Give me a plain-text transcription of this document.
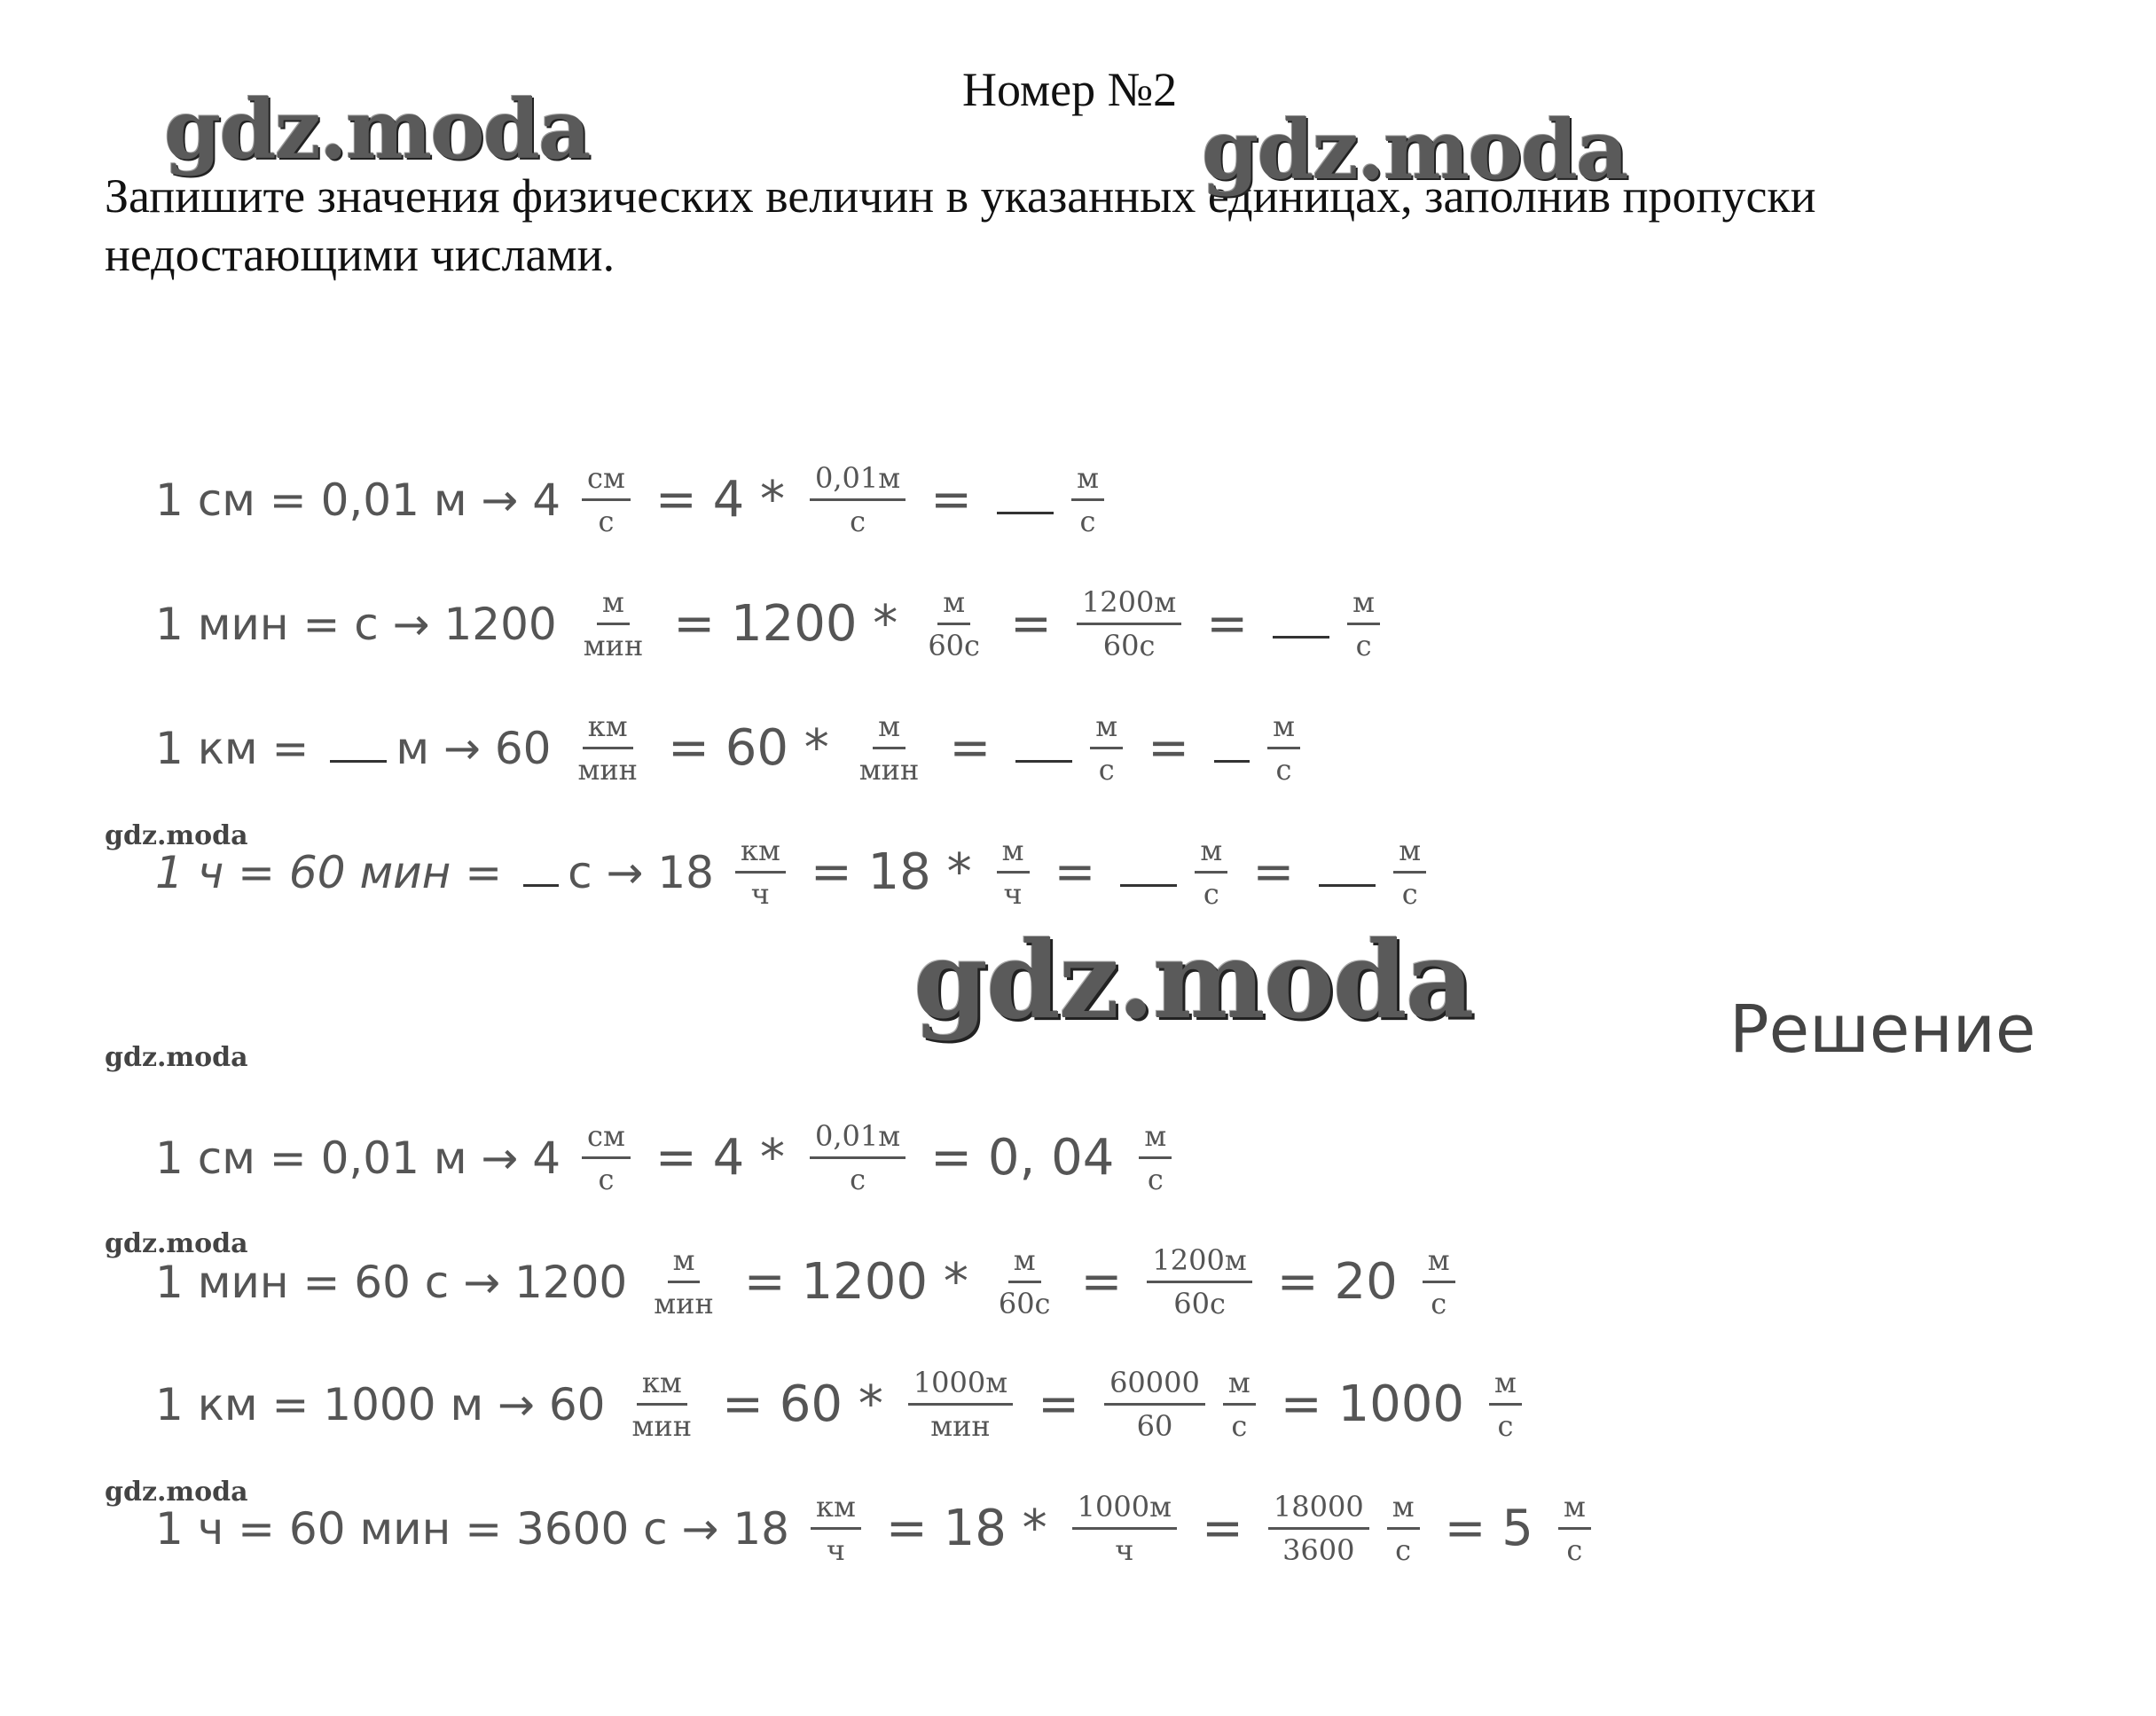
Номер №2
Запишите значения физических величин в указанных единицах, заполнив пропуски недостающими числами.
gdz.moda	gdz.moda
gdz.moda
gdz.moda
gdz.moda
gdz.moda
gdz.moda
1 см = 0,01 $м \to 4 \frac{см}{с} = 4 * \frac{0,01м}{с}$ =	$\frac{м}{с}$
1 мин = $с \to 1200 \frac{м}{\text{мин}} = 1200 * \frac{м}{60с} = \frac{1200м}{60с}$ =	$\frac{м}{с}$
1 км = $м \to 60 \frac{км}{\text{мин}} = 60 * \frac{м}{\text{мин}}$ =	$\frac{м}{с}$ =	$\frac{м}{с}$
1 ч = 60 мин = $с \to 18 \frac{км}{ч} = 18 * \frac{м}{ч}$ =	$\frac{м}{с}$ =	$\frac{м}{с}$
Решение
1 см = 0,01 $м \to 4 \frac{см}{с} = 4 * \frac{0,01м}{с} = 0$, $04 \frac{м}{с}$
1 мин = 60 $с \to 1200 \frac{м}{\text{мин}} = 1200 * \frac{м}{60с} = \frac{1200м}{60с} = 20 \frac{м}{с}$
1 км = 1000 $м \to 60 \frac{км}{\text{мин}} = 60 * \frac{1000м}{\text{мин}} = \frac{60000}{60} \frac{м}{с} = 1000 \frac{м}{с}$
1 ч = 60 мин = 3600 $с \to 18 \frac{км}{ч} = 18 * \frac{1000м}{ч} = \frac{18000}{3600} \frac{м}{с} = 5 \frac{м}{с}$
